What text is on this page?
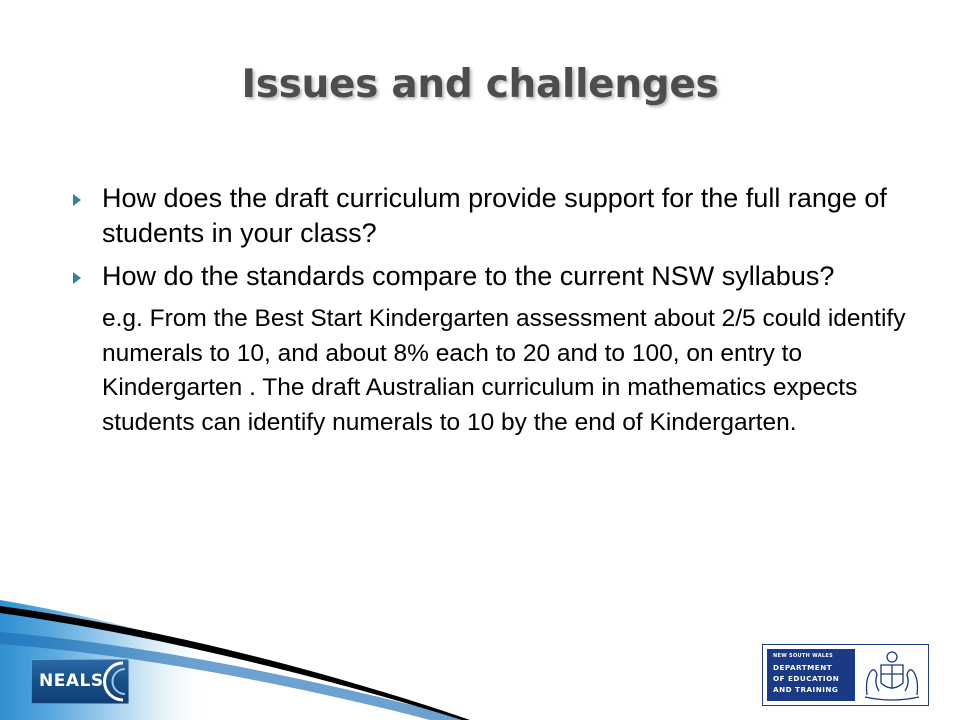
Issues and challenges

How does the draft curriculum provide support for the full range of students in your class?

How do the standards compare to the current NSW syllabus?

e.g. From the Best Start Kindergarten assessment about 2/5 could identify numerals to 10, and about 8% each to 20 and to 100, on entry to Kindergarten . The draft Australian curriculum in mathematics expects students can identify numerals to 10 by the end of Kindergarten.

NEALS
NEW SOUTH WALES
DEPARTMENT
OF EDUCATION
AND TRAINING
